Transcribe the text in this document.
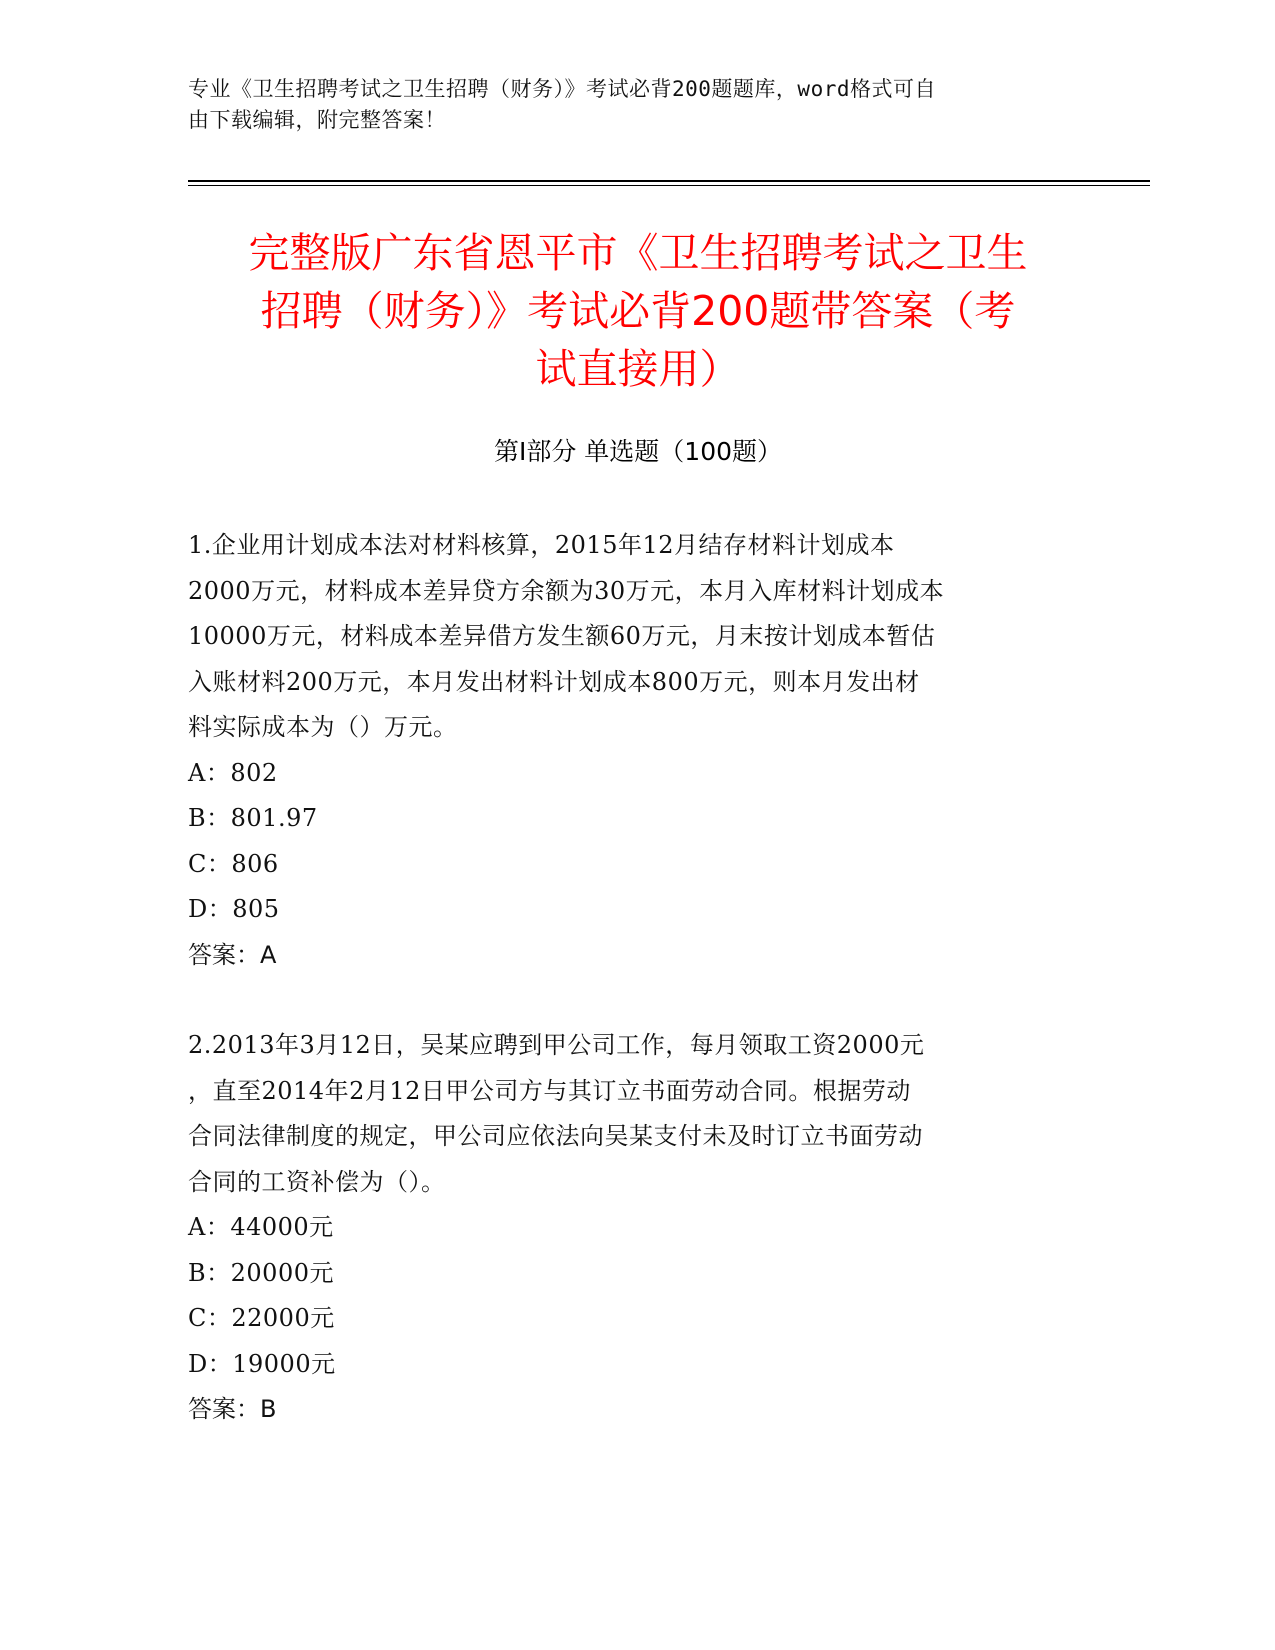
专业《卫生招聘考试之卫生招聘（财务）》考试必背200题题库，word格式可自
由下载编辑，附完整答案！
完整版广东省恩平市《卫生招聘考试之卫生
招聘（财务）》考试必背200题带答案（考
试直接用）
第I部分 单选题（100题）
1.企业用计划成本法对材料核算，2015年12月结存材料计划成本
2000万元，材料成本差异贷方余额为30万元，本月入库材料计划成本
10000万元，材料成本差异借方发生额60万元，月末按计划成本暂估
入账材料200万元，本月发出材料计划成本800万元，则本月发出材
料实际成本为（）万元。
A：802
B：801.97
C：806
D：805
答案：A
2.2013年3月12日，吴某应聘到甲公司工作，每月领取工资2000元
，直至2014年2月12日甲公司方与其订立书面劳动合同。根据劳动
合同法律制度的规定，甲公司应依法向吴某支付未及时订立书面劳动
合同的工资补偿为（）。
A：44000元
B：20000元
C：22000元
D：19000元
答案：B
